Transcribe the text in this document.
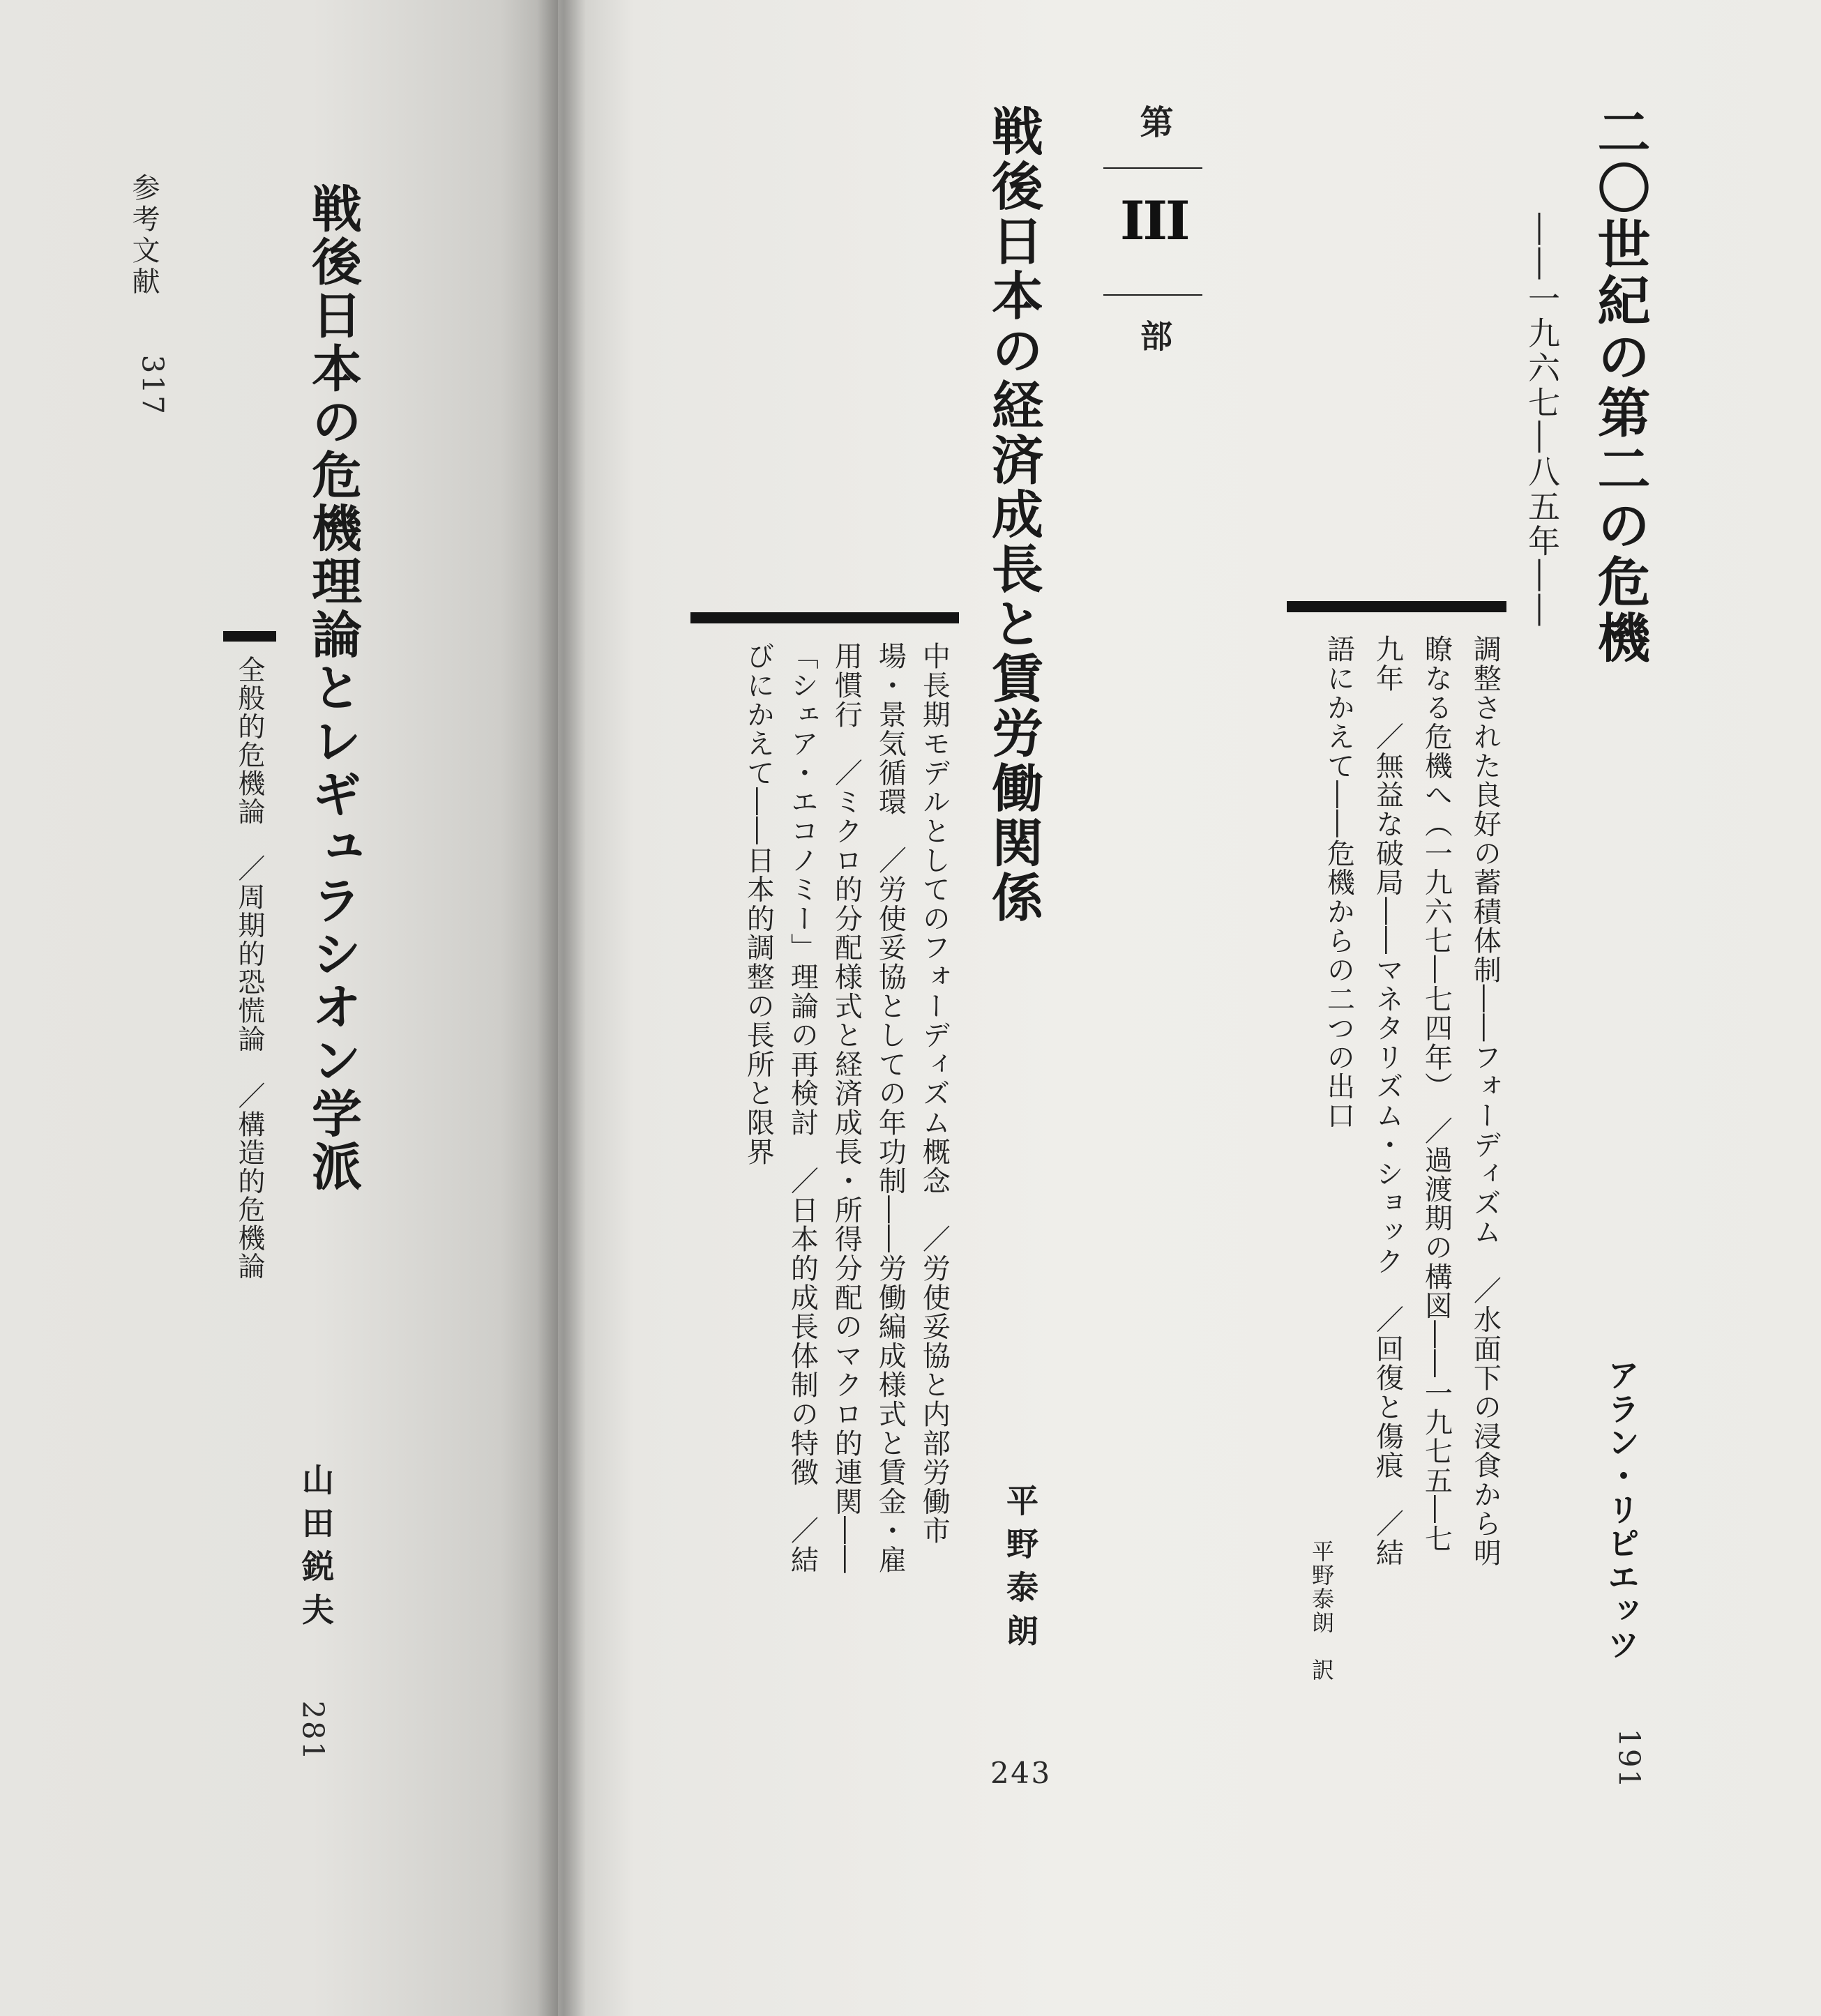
参考文献
317	戦後日本の危機理論とレギュラシオン学派
全般的危機論　／周期的恐慌論　／構造的危機論
山田鋭夫
281
第
III
部
戦後日本の経済成長と賃労働関係
中長期モデルとしてのフォーディズム概念　／労使妥協と内部労働市
場・景気循環　／労使妥協としての年功制――労働編成様式と賃金・雇
用慣行　／ミクロ的分配様式と経済成長・所得分配のマクロ的連関――
「シェア・エコノミー」理論の再検討　／日本的成長体制の特徴　／結
びにかえて――日本的調整の長所と限界
平野泰朗
243
二〇世紀の第二の危機
――一九六七―八五年――
調整された良好の蓄積体制――フォーディズム　／水面下の浸食から明
瞭なる危機へ（一九六七―七四年）　／過渡期の構図――一九七五―七
九年　／無益な破局――マネタリズム・ショック　／回復と傷痕　／結
語にかえて――危機からの二つの出口
アラン・リピエッツ
平野泰朗　訳
191
